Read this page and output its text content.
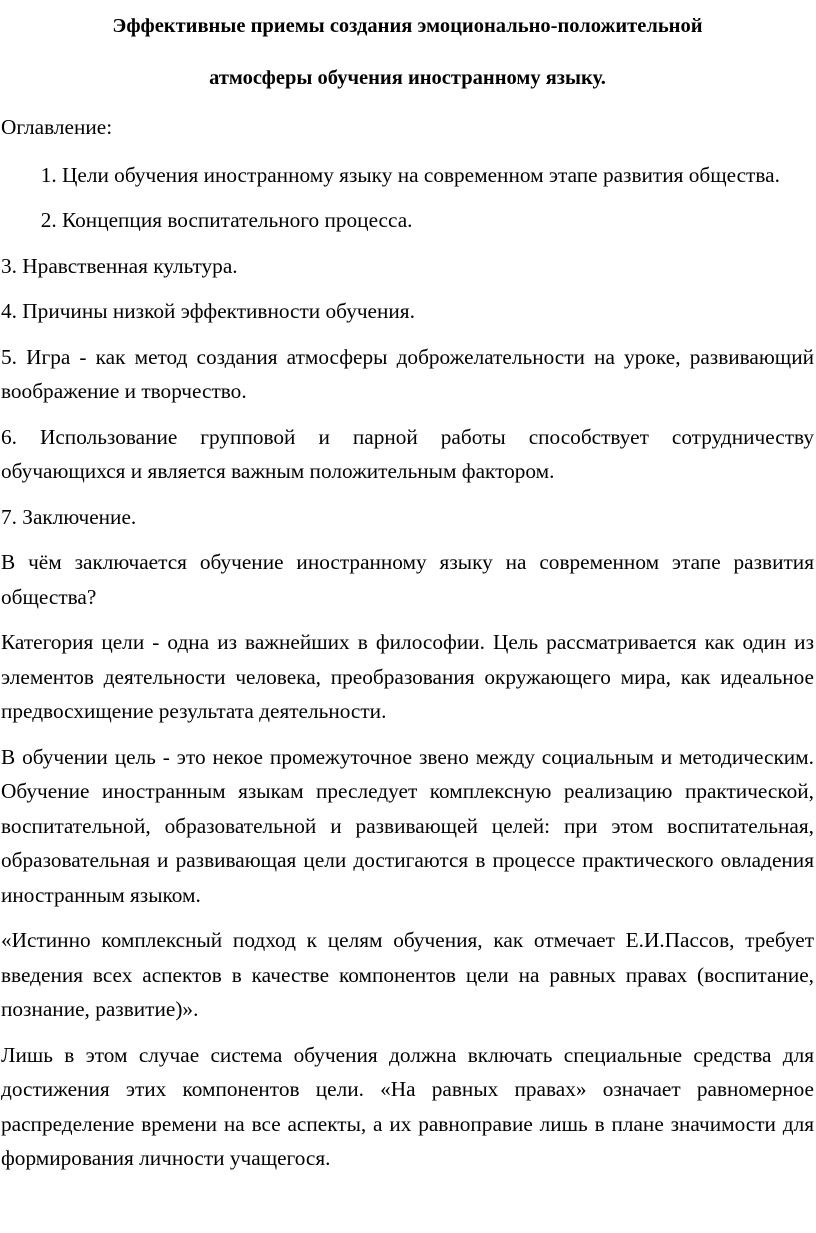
Эффективные приемы создания эмоционально-положительной
атмосферы обучения иностранному языку.

Оглавление:

1. Цели обучения иностранному языку на современном этапе развития общества.
2. Концепция воспитательного процесса.

3. Нравственная культура.

4. Причины низкой эффективности обучения.

5. Игра - как метод создания атмосферы доброжелательности на уроке, развивающий воображение и творчество.

6. Использование групповой и парной работы способствует сотрудничеству обучающихся и является важным положительным фактором.

7. Заключение.

В чём заключается обучение иностранному языку на современном этапе развития общества?

Категория цели - одна из важнейших в философии. Цель рассматривается как один из элементов деятельности человека, преобразования окружающего мира, как идеальное предвосхищение результата деятельности.

В обучении цель - это некое промежуточное звено между социальным и методическим. Обучение иностранным языкам преследует комплексную реализацию практической, воспитательной, образовательной и развивающей целей: при этом воспитательная, образовательная и развивающая цели достигаются в процессе практического овладения иностранным языком.

«Истинно комплексный подход к целям обучения, как отмечает Е.И.Пассов, требует введения всех аспектов в качестве компонентов цели на равных правах (воспитание, познание, развитие)».

Лишь в этом случае система обучения должна включать специальные средства для достижения этих компонентов цели. «На равных правах» означает равномерное распределение времени на все аспекты, а их равноправие лишь в плане значимости для формирования личности учащегося.
